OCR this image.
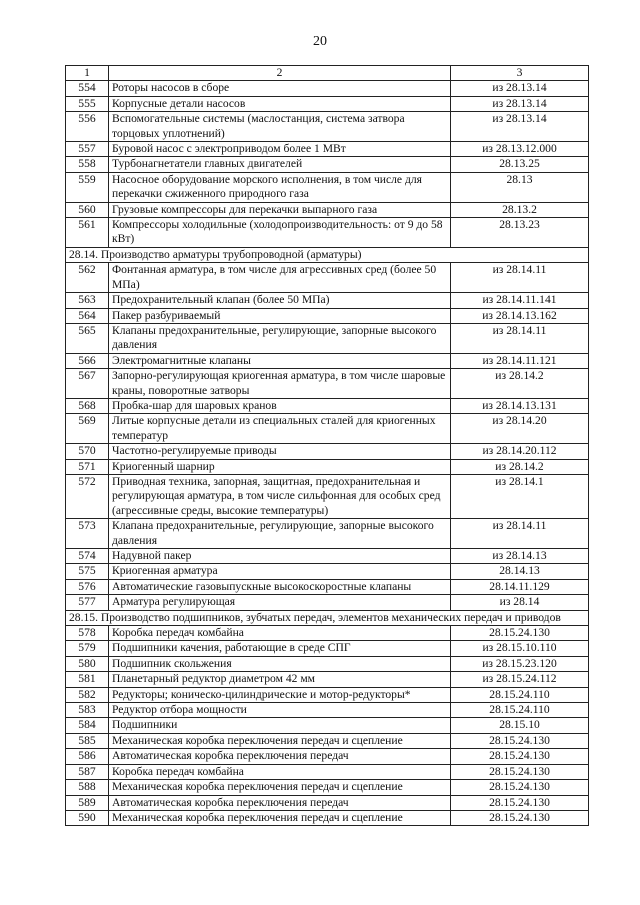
20
1	2	3
554	Роторы насосов в сборе	из 28.13.14
555	Корпусные детали насосов	из 28.13.14
556	Вспомогательные системы (маслостанция, система затвора торцовых уплотнений)	из 28.13.14
557	Буровой насос с электроприводом более 1 МВт	из 28.13.12.000
558	Турбонагнетатели главных двигателей	28.13.25
559	Насосное оборудование морского исполнения, в том числе для перекачки сжиженного природного газа	28.13
560	Грузовые компрессоры для перекачки выпарного газа	28.13.2
561	Компрессоры холодильные (холодопроизводительность: от 9 до 58 кВт)	28.13.23
28.14. Производство арматуры трубопроводной (арматуры)		
562	Фонтанная арматура, в том числе для агрессивных сред (более 50 МПа)	из 28.14.11
563	Предохранительный клапан (более 50 МПа)	из 28.14.11.141
564	Пакер разбуриваемый	из 28.14.13.162
565	Клапаны предохранительные, регулирующие, запорные высокого давления	из 28.14.11
566	Электромагнитные клапаны	из 28.14.11.121
567	Запорно-регулирующая криогенная арматура, в том числе шаровые краны, поворотные затворы	из 28.14.2
568	Пробка-шар для шаровых кранов	из 28.14.13.131
569	Литые корпусные детали из специальных сталей для криогенных температур	из 28.14.20
570	Частотно-регулируемые приводы	из 28.14.20.112
571	Криогенный шарнир	из 28.14.2
572	Приводная техника, запорная, защитная, предохранительная и регулирующая арматура, в том числе сильфонная для особых сред (агрессивные среды, высокие температуры)	из 28.14.1
573	Клапана предохранительные, регулирующие, запорные высокого давления	из 28.14.11
574	Надувной пакер	из 28.14.13
575	Криогенная арматура	28.14.13
576	Автоматические газовыпускные высокоскоростные клапаны	28.14.11.129
577	Арматура регулирующая	из 28.14
28.15. Производство подшипников, зубчатых передач, элементов механических передач и приводов		
578	Коробка передач комбайна	28.15.24.130
579	Подшипники качения, работающие в среде СПГ	из 28.15.10.110
580	Подшипник скольжения	из 28.15.23.120
581	Планетарный редуктор диаметром 42 мм	из 28.15.24.112
582	Редукторы; коническо-цилиндрические и мотор-редукторы*	28.15.24.110
583	Редуктор отбора мощности	28.15.24.110
584	Подшипники	28.15.10
585	Механическая коробка переключения передач и сцепление	28.15.24.130
586	Автоматическая коробка переключения передач	28.15.24.130
587	Коробка передач комбайна	28.15.24.130
588	Механическая коробка переключения передач и сцепление	28.15.24.130
589	Автоматическая коробка переключения передач	28.15.24.130
590	Механическая коробка переключения передач и сцепление	28.15.24.130
